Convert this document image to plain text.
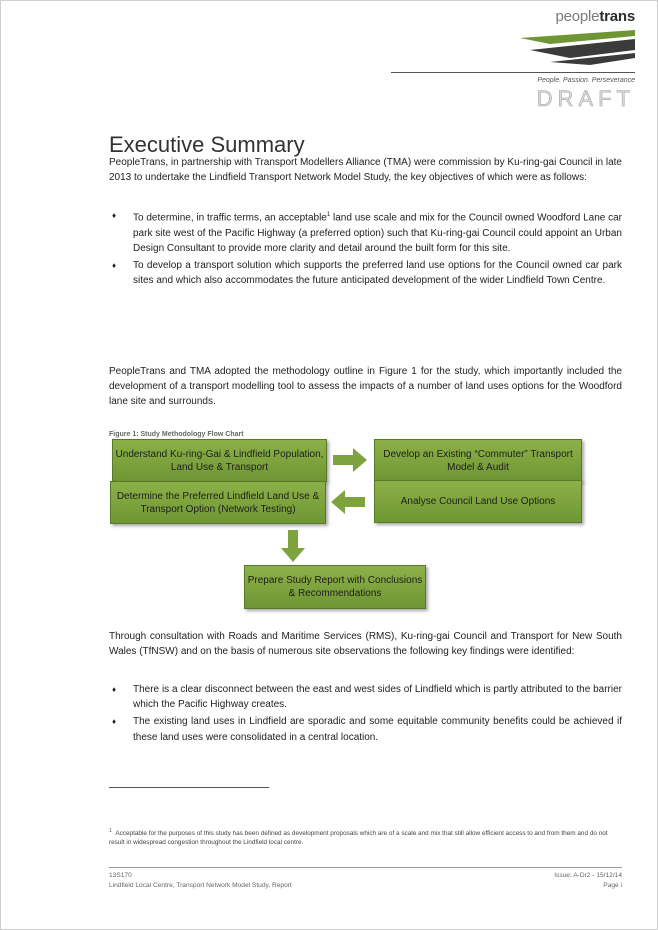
peopletrans
People. Passion. Perseverance
DRAFT
Executive Summary

PeopleTrans, in partnership with Transport Modellers Alliance (TMA) were commission by Ku-ring-gai Council in late 2013 to undertake the Lindfield Transport Network Model Study, the key objectives of which were as follows:

♦ To determine, in traffic terms, an acceptable$^1$ land use scale and mix for the Council owned Woodford Lane car park site west of the Pacific Highway (a preferred option) such that Ku-ring-gai Council could appoint an Urban Design Consultant to provide more clarity and detail around the built form for this site.
♦ To develop a transport solution which supports the preferred land use options for the Council owned car park sites and which also accommodates the future anticipated development of the wider Lindfield Town Centre.

PeopleTrans and TMA adopted the methodology outline in Figure 1 for the study, which importantly included the development of a transport modelling tool to assess the impacts of a number of land uses options for the Woodford lane site and surrounds.

Figure 1: Study Methodology Flow Chart
Understand Ku-ring-Gai & Lindfield Population, Land Use & Transport
Develop an Existing “Commuter” Transport Model & Audit
Analyse Council Land Use Options
Determine the Preferred Lindfield Land Use & Transport Option (Network Testing)
Prepare Study Report with Conclusions & Recommendations

Through consultation with Roads and Maritime Services (RMS), Ku-ring-gai Council and Transport for New South Wales (TfNSW) and on the basis of numerous site observations the following key findings were identified:

♦ There is a clear disconnect between the east and west sides of Lindfield which is partly attributed to the barrier which the Pacific Highway creates.
♦ The existing land uses in Lindfield are sporadic and some equitable community benefits could be achieved if these land uses were consolidated in a central location.
$^1$ Acceptable for the purposes of this study has been defined as development proposals which are of a scale and mix that still allow efficient access to and from them and do not result in widespread congestion throughout the Lindfield local centre.
13S170
Lindfield Local Centre, Transport Network Model Study, Report
Issue: A-Dr2 - 15/12/14
Page i
